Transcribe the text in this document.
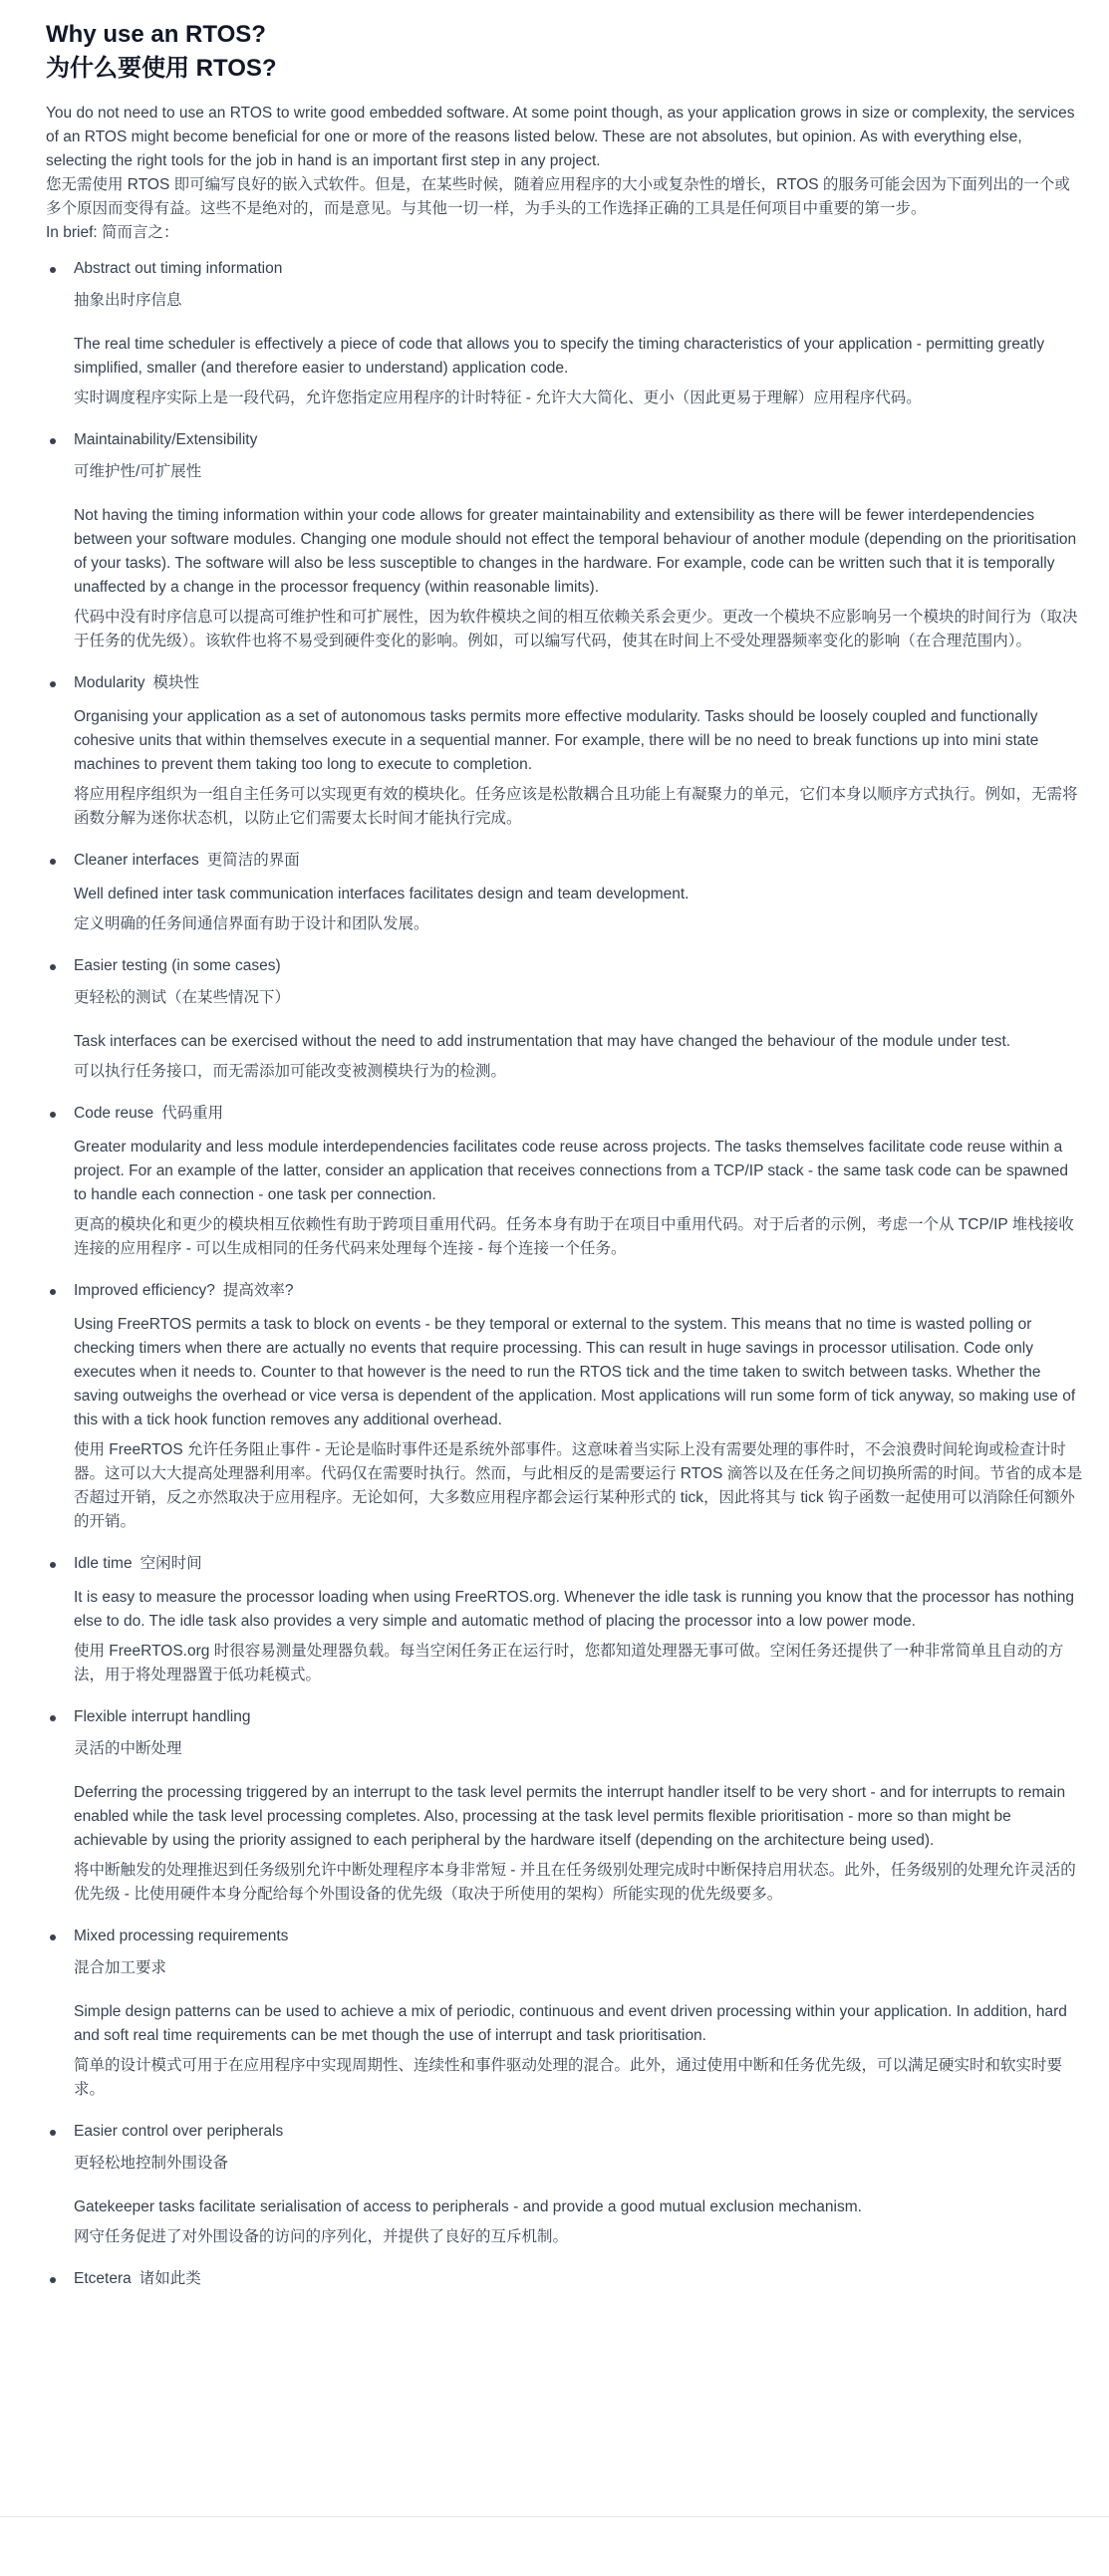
Why use an RTOS?
为什么要使用 RTOS?

You do not need to use an RTOS to write good embedded software. At some point though, as your application grows in size or complexity, the services of an RTOS might become beneficial for one or more of the reasons listed below. These are not absolutes, but opinion. As with everything else, selecting the right tools for the job in hand is an important first step in any project.

您无需使用 RTOS 即可编写良好的嵌入式软件。但是，在某些时候，随着应用程序的大小或复杂性的增长，RTOS 的服务可能会因为下面列出的一个或多个原因而变得有益。这些不是绝对的，而是意见。与其他一切一样，为手头的工作选择正确的工具是任何项目中重要的第一步。

In brief: 简而言之：

Abstract out timing information

抽象出时序信息

The real time scheduler is effectively a piece of code that allows you to specify the timing characteristics of your application - permitting greatly simplified, smaller (and therefore easier to understand) application code.

实时调度程序实际上是一段代码，允许您指定应用程序的计时特征 - 允许大大简化、更小（因此更易于理解）应用程序代码。

Maintainability/Extensibility

可维护性/可扩展性

Not having the timing information within your code allows for greater maintainability and extensibility as there will be fewer interdependencies between your software modules. Changing one module should not effect the temporal behaviour of another module (depending on the prioritisation of your tasks). The software will also be less susceptible to changes in the hardware. For example, code can be written such that it is temporally unaffected by a change in the processor frequency (within reasonable limits).

代码中没有时序信息可以提高可维护性和可扩展性，因为软件模块之间的相互依赖关系会更少。更改一个模块不应影响另一个模块的时间行为（取决于任务的优先级）。该软件也将不易受到硬件变化的影响。例如，可以编写代码，使其在时间上不受处理器频率变化的影响（在合理范围内）。

Modularity 模块性

Organising your application as a set of autonomous tasks permits more effective modularity. Tasks should be loosely coupled and functionally cohesive units that within themselves execute in a sequential manner. For example, there will be no need to break functions up into mini state machines to prevent them taking too long to execute to completion.

将应用程序组织为一组自主任务可以实现更有效的模块化。任务应该是松散耦合且功能上有凝聚力的单元，它们本身以顺序方式执行。例如，无需将函数分解为迷你状态机，以防止它们需要太长时间才能执行完成。

Cleaner interfaces 更简洁的界面

Well defined inter task communication interfaces facilitates design and team development.

定义明确的任务间通信界面有助于设计和团队发展。

Easier testing (in some cases)

更轻松的测试（在某些情况下）

Task interfaces can be exercised without the need to add instrumentation that may have changed the behaviour of the module under test.

可以执行任务接口，而无需添加可能改变被测模块行为的检测。

Code reuse 代码重用

Greater modularity and less module interdependencies facilitates code reuse across projects. The tasks themselves facilitate code reuse within a project. For an example of the latter, consider an application that receives connections from a TCP/IP stack - the same task code can be spawned to handle each connection - one task per connection.

更高的模块化和更少的模块相互依赖性有助于跨项目重用代码。任务本身有助于在项目中重用代码。对于后者的示例，考虑一个从 TCP/IP 堆栈接收连接的应用程序 - 可以生成相同的任务代码来处理每个连接 - 每个连接一个任务。

Improved efficiency? 提高效率?

Using FreeRTOS permits a task to block on events - be they temporal or external to the system. This means that no time is wasted polling or checking timers when there are actually no events that require processing. This can result in huge savings in processor utilisation. Code only executes when it needs to. Counter to that however is the need to run the RTOS tick and the time taken to switch between tasks. Whether the saving outweighs the overhead or vice versa is dependent of the application. Most applications will run some form of tick anyway, so making use of this with a tick hook function removes any additional overhead.

使用 FreeRTOS 允许任务阻止事件 - 无论是临时事件还是系统外部事件。这意味着当实际上没有需要处理的事件时，不会浪费时间轮询或检查计时器。这可以大大提高处理器利用率。代码仅在需要时执行。然而，与此相反的是需要运行 RTOS 滴答以及在任务之间切换所需的时间。节省的成本是否超过开销，反之亦然取决于应用程序。无论如何，大多数应用程序都会运行某种形式的 tick，因此将其与 tick 钩子函数一起使用可以消除任何额外的开销。

Idle time 空闲时间

It is easy to measure the processor loading when using FreeRTOS.org. Whenever the idle task is running you know that the processor has nothing else to do. The idle task also provides a very simple and automatic method of placing the processor into a low power mode.

使用 FreeRTOS.org 时很容易测量处理器负载。每当空闲任务正在运行时，您都知道处理器无事可做。空闲任务还提供了一种非常简单且自动的方法，用于将处理器置于低功耗模式。

Flexible interrupt handling

灵活的中断处理

Deferring the processing triggered by an interrupt to the task level permits the interrupt handler itself to be very short - and for interrupts to remain enabled while the task level processing completes. Also, processing at the task level permits flexible prioritisation - more so than might be achievable by using the priority assigned to each peripheral by the hardware itself (depending on the architecture being used).

将中断触发的处理推迟到任务级别允许中断处理程序本身非常短 - 并且在任务级别处理完成时中断保持启用状态。此外，任务级别的处理允许灵活的优先级 - 比使用硬件本身分配给每个外围设备的优先级（取决于所使用的架构）所能实现的优先级要多。

Mixed processing requirements

混合加工要求

Simple design patterns can be used to achieve a mix of periodic, continuous and event driven processing within your application. In addition, hard and soft real time requirements can be met though the use of interrupt and task prioritisation.

简单的设计模式可用于在应用程序中实现周期性、连续性和事件驱动处理的混合。此外，通过使用中断和任务优先级，可以满足硬实时和软实时要求。

Easier control over peripherals

更轻松地控制外围设备

Gatekeeper tasks facilitate serialisation of access to peripherals - and provide a good mutual exclusion mechanism.

网守任务促进了对外围设备的访问的序列化，并提供了良好的互斥机制。

Etcetera 诸如此类
